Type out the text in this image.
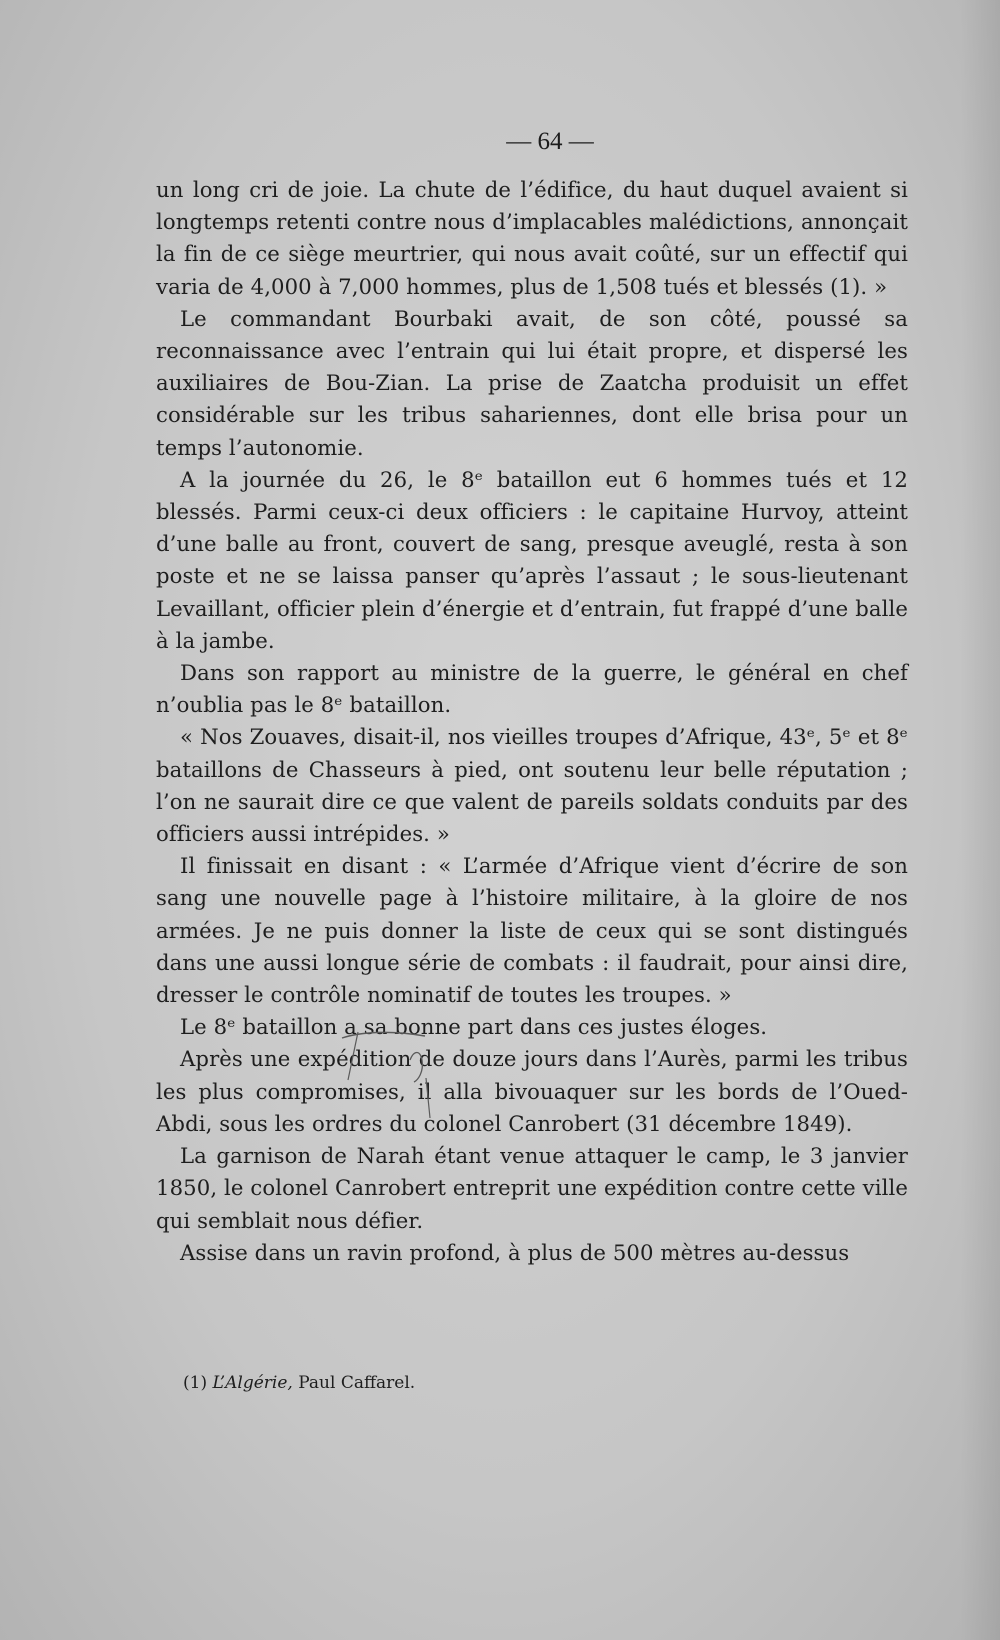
— 64 —

un long cri de joie. La chute de l’édifice, du haut duquel avaient si longtemps retenti contre nous d’implacables malédictions, annonçait la fin de ce siège meurtrier, qui nous avait coûté, sur un effectif qui varia de 4,000 à 7,000 hommes, plus de 1,508 tués et blessés (1). »

Le commandant Bourbaki avait, de son côté, poussé sa reconnaissance avec l’entrain qui lui était propre, et dispersé les auxiliaires de Bou-Zian. La prise de Zaatcha produisit un effet considérable sur les tribus sahariennes, dont elle brisa pour un temps l’autonomie.

A la journée du 26, le 8ᵉ bataillon eut 6 hommes tués et 12 blessés. Parmi ceux-ci deux officiers : le capitaine Hurvoy, atteint d’une balle au front, couvert de sang, presque aveuglé, resta à son poste et ne se laissa panser qu’après l’assaut ; le sous-lieutenant Levaillant, officier plein d’énergie et d’entrain, fut frappé d’une balle à la jambe.

Dans son rapport au ministre de la guerre, le général en chef n’oublia pas le 8ᵉ bataillon.

« Nos Zouaves, disait-il, nos vieilles troupes d’Afrique, 43ᵉ, 5ᵉ et 8ᵉ bataillons de Chasseurs à pied, ont soutenu leur belle réputation ; l’on ne saurait dire ce que valent de pareils soldats conduits par des officiers aussi intrépides. »

Il finissait en disant : « L’armée d’Afrique vient d’écrire de son sang une nouvelle page à l’histoire militaire, à la gloire de nos armées. Je ne puis donner la liste de ceux qui se sont distingués dans une aussi longue série de combats : il faudrait, pour ainsi dire, dresser le contrôle nominatif de toutes les troupes. »

Le 8ᵉ bataillon a sa bonne part dans ces justes éloges.

Après une expédition de douze jours dans l’Aurès, parmi les tribus les plus compromises, il alla bivouaquer sur les bords de l’Oued-Abdi, sous les ordres du colonel Canrobert (31 décembre 1849).

La garnison de Narah étant venue attaquer le camp, le 3 janvier 1850, le colonel Canrobert entreprit une expédition contre cette ville qui semblait nous défier.

Assise dans un ravin profond, à plus de 500 mètres au-dessus

(1) L’Algérie, Paul Caffarel.
